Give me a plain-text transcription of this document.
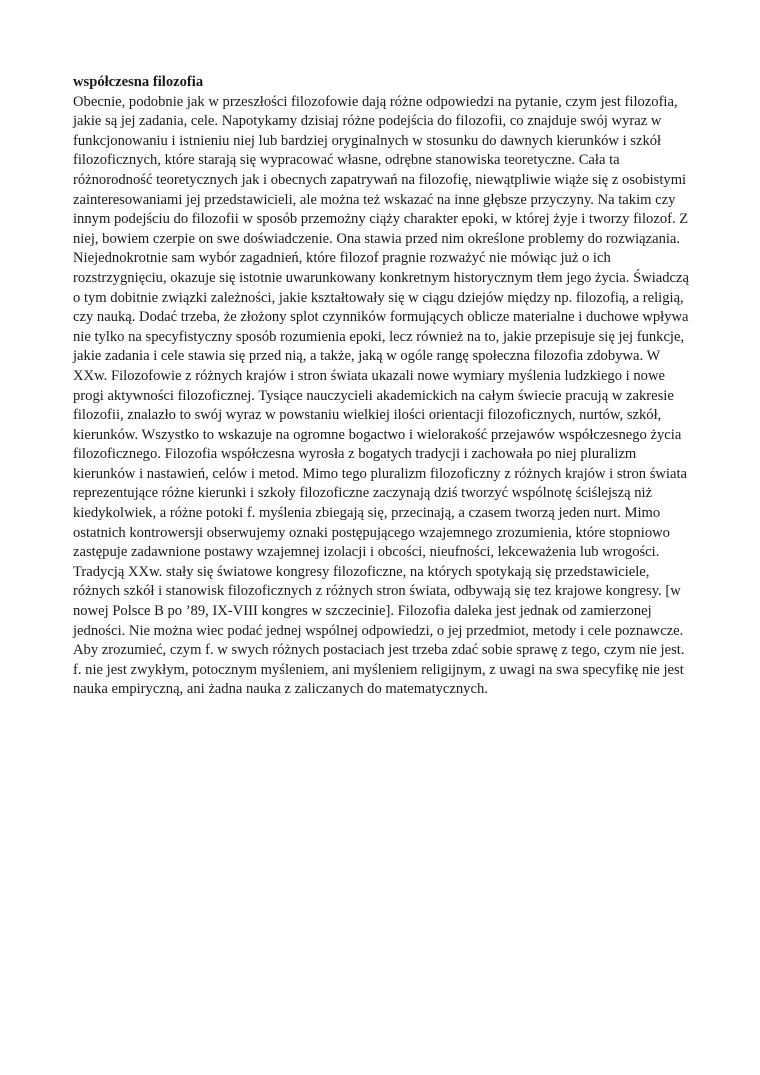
współczesna filozofia
Obecnie, podobnie jak w przeszłości filozofowie dają różne odpowiedzi na pytanie, czym jest filozofia,
jakie są jej zadania, cele. Napotykamy dzisiaj różne podejścia do filozofii, co znajduje swój wyraz w
funkcjonowaniu i istnieniu niej lub bardziej oryginalnych w stosunku do dawnych kierunków i szkół
filozoficznych, które starają się wypracować własne, odrębne stanowiska teoretyczne. Cała ta
różnorodność teoretycznych jak i obecnych zapatrywań na filozofię, niewątpliwie wiąże się z osobistymi
zainteresowaniami jej przedstawicieli, ale można też wskazać na inne głębsze przyczyny. Na takim czy
innym podejściu do filozofii w sposób przemożny ciąży charakter epoki, w której żyje i tworzy filozof. Z
niej, bowiem czerpie on swe doświadczenie. Ona stawia przed nim określone problemy do rozwiązania.
Niejednokrotnie sam wybór zagadnień, które filozof pragnie rozważyć nie mówiąc już o ich
rozstrzygnięciu, okazuje się istotnie uwarunkowany konkretnym historycznym tłem jego życia. Świadczą
o tym dobitnie związki zależności, jakie kształtowały się w ciągu dziejów między np. filozofią, a religią,
czy nauką. Dodać trzeba, że złożony splot czynników formujących oblicze materialne i duchowe wpływa
nie tylko na specyfistyczny sposób rozumienia epoki, lecz również na to, jakie przepisuje się jej funkcje,
jakie zadania i cele stawia się przed nią, a także, jaką w ogóle rangę społeczna filozofia zdobywa. W
XXw. Filozofowie z różnych krajów i stron świata ukazali nowe wymiary myślenia ludzkiego i nowe
progi aktywności filozoficznej. Tysiące nauczycieli akademickich na całym świecie pracują w zakresie
filozofii, znalazło to swój wyraz w powstaniu wielkiej ilości orientacji filozoficznych, nurtów, szkół,
kierunków. Wszystko to wskazuje na ogromne bogactwo i wielorakość przejawów współczesnego życia
filozoficznego. Filozofia współczesna wyrosła z bogatych tradycji i zachowała po niej pluralizm
kierunków i nastawień, celów i metod. Mimo tego pluralizm filozoficzny z różnych krajów i stron świata
reprezentujące różne kierunki i szkoły filozoficzne zaczynają dziś tworzyć wspólnotę ściślejszą niż
kiedykolwiek, a różne potoki f. myślenia zbiegają się, przecinają, a czasem tworzą jeden nurt. Mimo
ostatnich kontrowersji obserwujemy oznaki postępującego wzajemnego zrozumienia, które stopniowo
zastępuje zadawnione postawy wzajemnej izolacji i obcości, nieufności, lekceważenia lub wrogości.
Tradycją XXw. stały się światowe kongresy filozoficzne, na których spotykają się przedstawiciele,
różnych szkół i stanowisk filozoficznych z różnych stron świata, odbywają się tez krajowe kongresy. [w
nowej Polsce B po ’89, IX-VIII kongres w szczecinie]. Filozofia daleka jest jednak od zamierzonej
jedności. Nie można wiec podać jednej wspólnej odpowiedzi, o jej przedmiot, metody i cele poznawcze.
Aby zrozumieć, czym f. w swych różnych postaciach jest trzeba zdać sobie sprawę z tego, czym nie jest.
f. nie jest zwykłym, potocznym myśleniem, ani myśleniem religijnym, z uwagi na swa specyfikę nie jest
nauka empiryczną, ani żadna nauka z zaliczanych do matematycznych.
